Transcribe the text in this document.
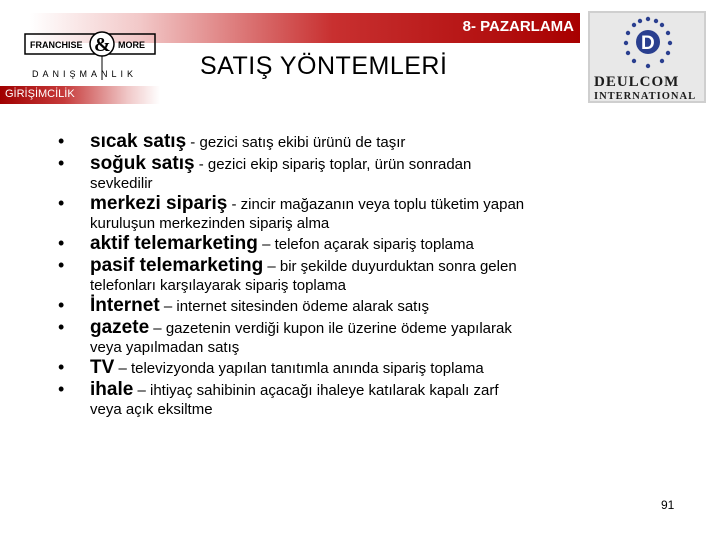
8- PAZARLAMA
FRANCHISE & MORE
DANIŞMANLIK	SATIŞ YÖNTEMLERİ
GİRİŞİMCİLİK
D
DEULCOM
INTERNATIONAL
• sıcak satış - gezici satış ekibi ürünü de taşır
• soğuk satış - gezici ekip sipariş toplar, ürün sonradan
sevkedilir
• merkezi sipariş - zincir mağazanın veya toplu tüketim yapan
kuruluşun merkezinden sipariş alma
• aktif telemarketing – telefon açarak sipariş toplama
• pasif telemarketing – bir şekilde duyurduktan sonra gelen
telefonları karşılayarak sipariş toplama
• İnternet – internet sitesinden ödeme alarak satış
• gazete – gazetenin verdiği kupon ile üzerine ödeme yapılarak
veya yapılmadan satış
• TV – televizyonda yapılan tanıtımla anında sipariş toplama
• ihale – ihtiyaç sahibinin açacağı ihaleye katılarak kapalı zarf
veya açık eksiltme
91
